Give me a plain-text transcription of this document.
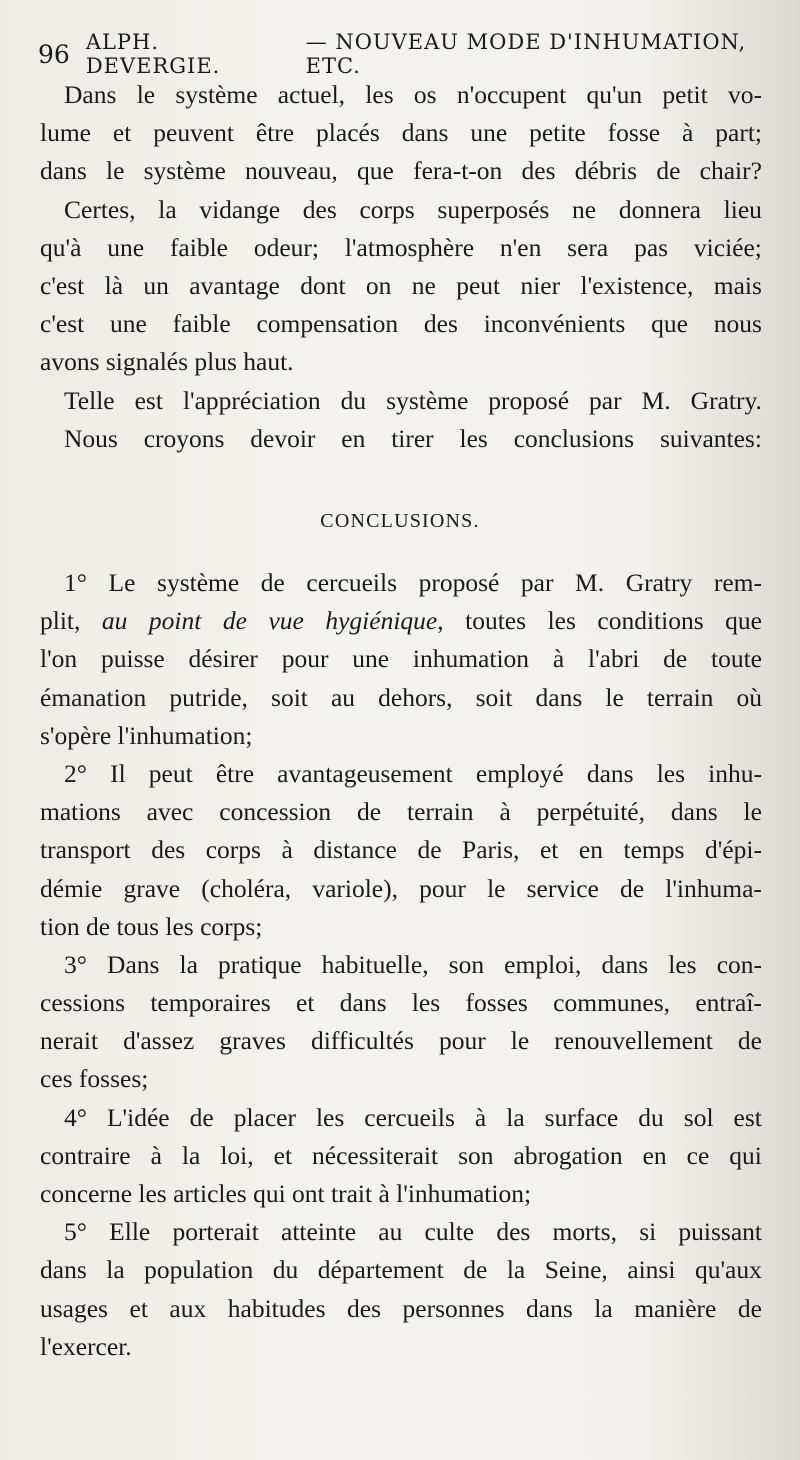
96 ALPH. DEVERGIE.
— NOUVEAU MODE D'INHUMATION, ETC.
Dans le système actuel, les os n'occupent qu'un petit vo-
lume et peuvent être placés dans une petite fosse à part;
dans le système nouveau, que fera-t-on des débris de chair?
Certes, la vidange des corps superposés ne donnera lieu
qu'à une faible odeur; l'atmosphère n'en sera pas viciée;
c'est là un avantage dont on ne peut nier l'existence, mais
c'est une faible compensation des inconvénients que nous
avons signalés plus haut.
Telle est l'appréciation du système proposé par M. Gratry.
Nous croyons devoir en tirer les conclusions suivantes:
CONCLUSIONS.
1° Le système de cercueils proposé par M. Gratry rem-
plit, au point de vue hygiénique, toutes les conditions que
l'on puisse désirer pour une inhumation à l'abri de toute
émanation putride, soit au dehors, soit dans le terrain où
s'opère l'inhumation;
2° Il peut être avantageusement employé dans les inhu-
mations avec concession de terrain à perpétuité, dans le
transport des corps à distance de Paris, et en temps d'épi-
démie grave (choléra, variole), pour le service de l'inhuma-
tion de tous les corps;
3° Dans la pratique habituelle, son emploi, dans les con-
cessions temporaires et dans les fosses communes, entraî-
nerait d'assez graves difficultés pour le renouvellement de
ces fosses;
4° L'idée de placer les cercueils à la surface du sol est
contraire à la loi, et nécessiterait son abrogation en ce qui
concerne les articles qui ont trait à l'inhumation;
5° Elle porterait atteinte au culte des morts, si puissant
dans la population du département de la Seine, ainsi qu'aux
usages et aux habitudes des personnes dans la manière de
l'exercer.
